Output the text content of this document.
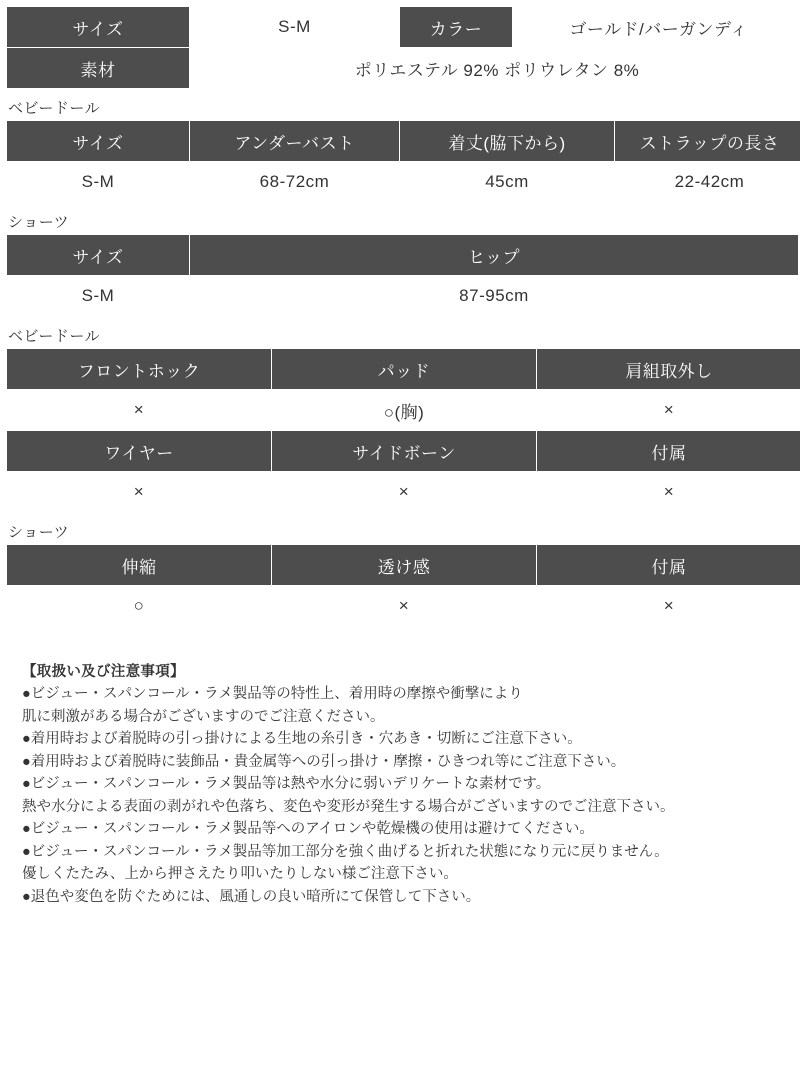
サイズ	S-M	カラー	ゴールド/バーガンディ
素材	ポリエステル 92% ポリウレタン 8%		
ベビードール
サイズ	アンダーバスト	着丈(脇下から)	ストラップの長さ
S-M	68-72cm	45cm	22-42cm
ショーツ
サイズ	ヒップ
S-M	87-95cm
ベビードール
フロントホック	パッド	肩組取外し
×	○(胸)	×
ワイヤー	サイドボーン	付属
×	×	×
ショーツ
伸縮	透け感	付属
○	×	×

【取扱い及び注意事項】

●ビジュー・スパンコール・ラメ製品等の特性上、着用時の摩擦や衝撃により

肌に刺激がある場合がございますのでご注意ください。

●着用時および着脱時の引っ掛けによる生地の糸引き・穴あき・切断にご注意下さい。

●着用時および着脱時に装飾品・貴金属等への引っ掛け・摩擦・ひきつれ等にご注意下さい。

●ビジュー・スパンコール・ラメ製品等は熱や水分に弱いデリケートな素材です。

熱や水分による表面の剥がれや色落ち、変色や変形が発生する場合がございますのでご注意下さい。

●ビジュー・スパンコール・ラメ製品等へのアイロンや乾燥機の使用は避けてください。

●ビジュー・スパンコール・ラメ製品等加工部分を強く曲げると折れた状態になり元に戻りません。

優しくたたみ、上から押さえたり叩いたりしない様ご注意下さい。

●退色や変色を防ぐためには、風通しの良い暗所にて保管して下さい。
